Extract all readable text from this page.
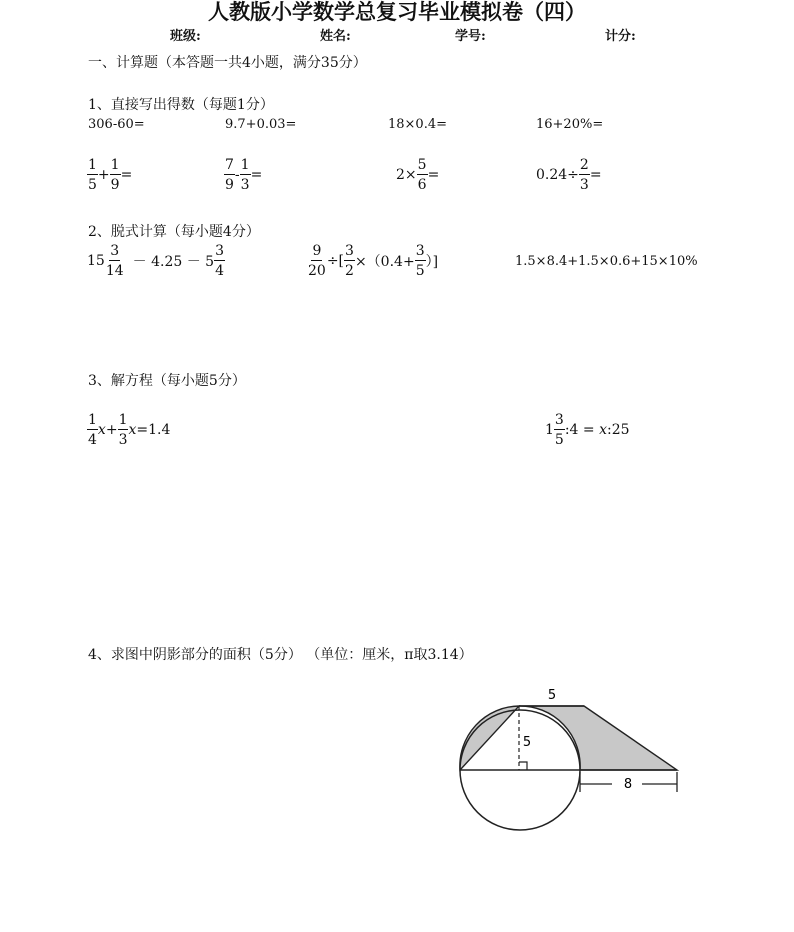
人教版小学数学总复习毕业模拟卷（四）
班级:	姓名:	学号:	计分:
一、计算题（本答题一共4小题，满分35分）
1、直接写出得数（每题1分）
306-60=	9.7+0.03=	18×0.4=	16+20%=
$\frac{1}{5} + \frac{1}{9}$ =	$\frac{7}{9} - \frac{1}{3}$ =	$2\times \frac{5}{6}$ =	$0.24\div \frac{2}{3}$ =
2、脱式计算（每小题4分）
$15 \frac{3}{14} - 4.25 - 5 \frac{3}{4}$	$\frac{9}{20}$ ÷[ $\frac{3}{2} \times(0.4+ \frac{3}{5}$ ）]	1.5×8.4+1.5×0.6+15×10%
3、解方程（每小题5分）
$\frac{1}{4} x+ \frac{1}{3} x=1.4$	$1 \frac{3}{5}$ :4 = x:25
4、求图中阴影部分的面积（5分） （单位：厘米，π取3.14）
5
5
8
